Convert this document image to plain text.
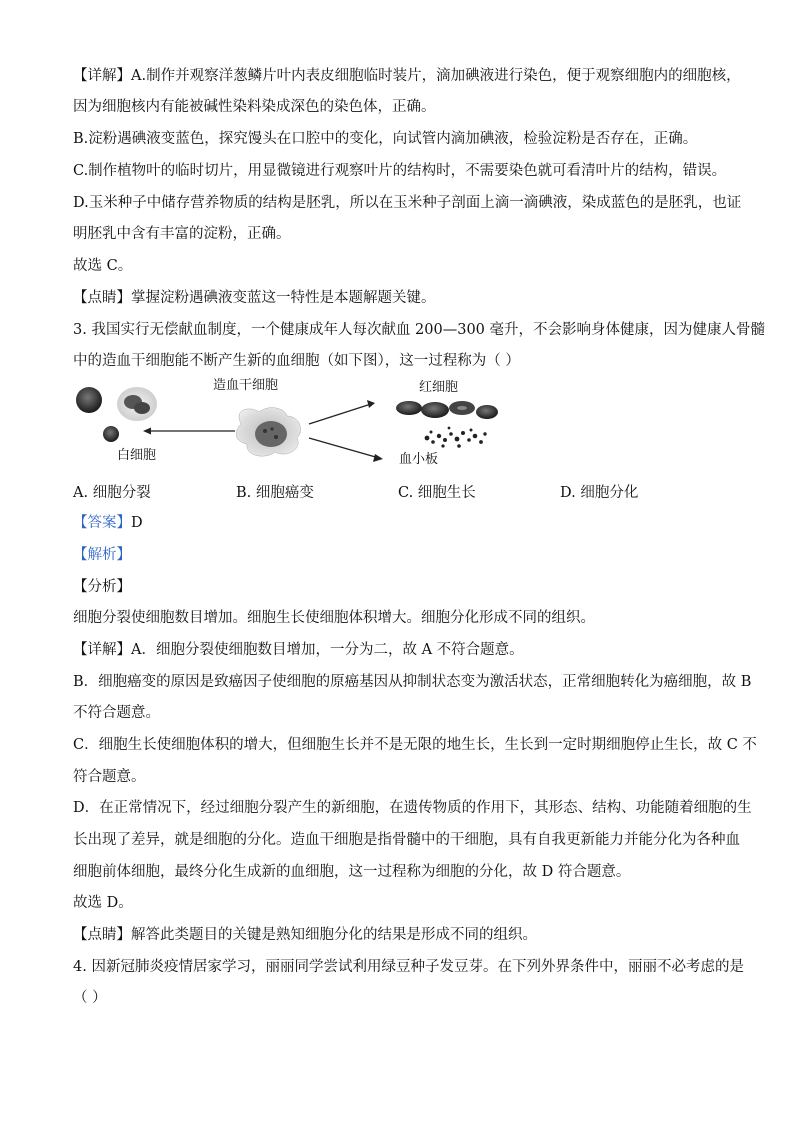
【详解】A.制作并观察洋葱鳞片叶内表皮细胞临时装片，滴加碘液进行染色，便于观察细胞内的细胞核，
因为细胞核内有能被碱性染料染成深色的染色体，正确。
B.淀粉遇碘液变蓝色，探究馒头在口腔中的变化，向试管内滴加碘液，检验淀粉是否存在，正确。
C.制作植物叶的临时切片，用显微镜进行观察叶片的结构时，不需要染色就可看清叶片的结构，错误。
D.玉米种子中储存营养物质的结构是胚乳，所以在玉米种子剖面上滴一滴碘液，染成蓝色的是胚乳，也证
明胚乳中含有丰富的淀粉，正确。
故选 C。
【点睛】掌握淀粉遇碘液变蓝这一特性是本题解题关键。
3. 我国实行无偿献血制度，一个健康成年人每次献血 200—300 毫升，不会影响身体健康，因为健康人骨髓
中的造血干细胞能不断产生新的血细胞（如下图），这一过程称为（ ）
造血干细胞	红细胞
白细胞	血小板
A. 细胞分裂	B. 细胞癌变	C. 细胞生长	D. 细胞分化
【答案】D
【解析】
【分析】
细胞分裂使细胞数目增加。细胞生长使细胞体积增大。细胞分化形成不同的组织。
【详解】A．细胞分裂使细胞数目增加，一分为二，故 A 不符合题意。
B．细胞癌变的原因是致癌因子使细胞的原癌基因从抑制状态变为激活状态，正常细胞转化为癌细胞，故 B
不符合题意。
C．细胞生长使细胞体积的增大，但细胞生长并不是无限的地生长，生长到一定时期细胞停止生长，故 C 不
符合题意。
D．在正常情况下，经过细胞分裂产生的新细胞，在遗传物质的作用下，其形态、结构、功能随着细胞的生
长出现了差异，就是细胞的分化。造血干细胞是指骨髓中的干细胞，具有自我更新能力并能分化为各种血
细胞前体细胞，最终分化生成新的血细胞，这一过程称为细胞的分化，故 D 符合题意。
故选 D。
【点睛】解答此类题目的关键是熟知细胞分化的结果是形成不同的组织。
4. 因新冠肺炎疫情居家学习，丽丽同学尝试利用绿豆种子发豆芽。在下列外界条件中，丽丽不必考虑的是
（ ）
